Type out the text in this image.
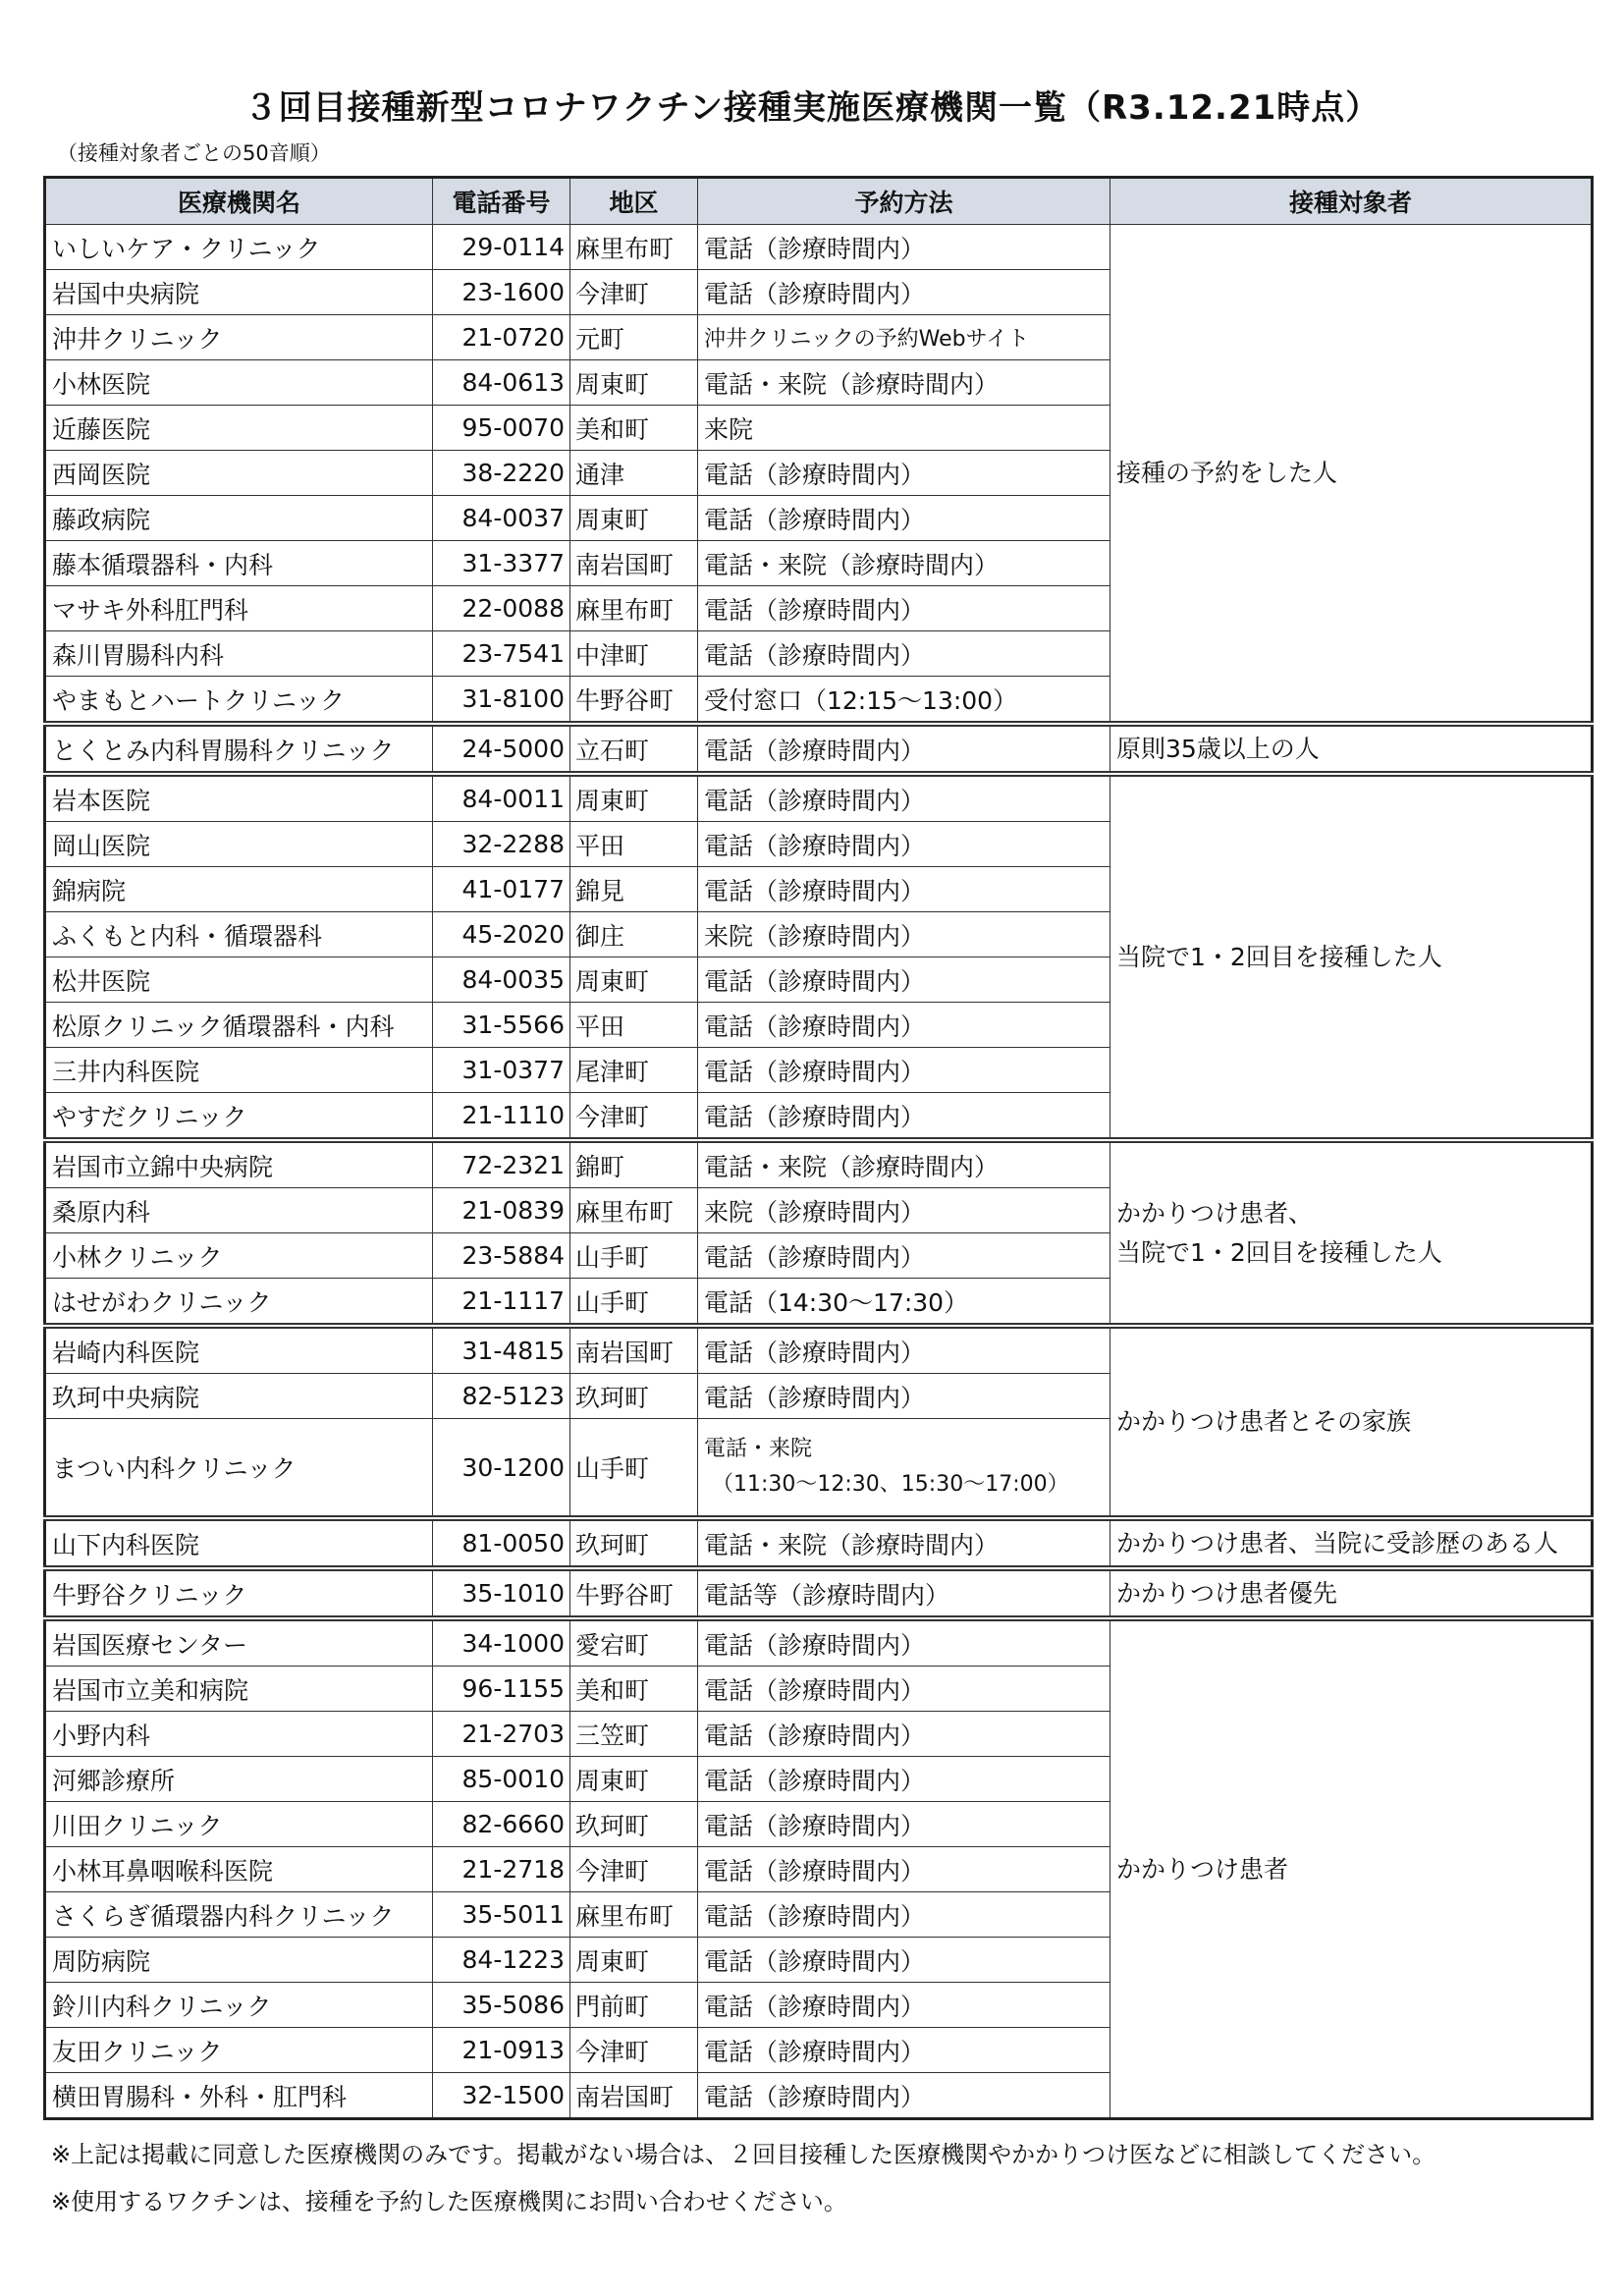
３回目接種新型コロナワクチン接種実施医療機関一覧（R3.12.21時点）
（接種対象者ごとの50音順）
医療機関名	電話番号	地区	予約方法	接種対象者
いしいケア・クリニック	29-0114	麻里布町	電話（診療時間内）	接種の予約をした人

岩国中央病院	23-1600	今津町	電話（診療時間内）	
沖井クリニック	21-0720	元町	沖井クリニックの予約Webサイト	
小林医院	84-0613	周東町	電話・来院（診療時間内）	
近藤医院	95-0070	美和町	来院	
西岡医院	38-2220	通津	電話（診療時間内）	
藤政病院	84-0037	周東町	電話（診療時間内）	
藤本循環器科・内科	31-3377	南岩国町	電話・来院（診療時間内）	
マサキ外科肛門科	22-0088	麻里布町	電話（診療時間内）	
森川胃腸科内科	23-7541	中津町	電話（診療時間内）	
やまもとハートクリニック	31-8100	牛野谷町	受付窓口（12:15～13:00）	
とくとみ内科胃腸科クリニック	24-5000	立石町	電話（診療時間内）	原則35歳以上の人

岩本医院	84-0011	周東町	電話（診療時間内）	当院で1・2回目を接種した人

岡山医院	32-2288	平田	電話（診療時間内）	
錦病院	41-0177	錦見	電話（診療時間内）	
ふくもと内科・循環器科	45-2020	御庄	来院（診療時間内）	
松井医院	84-0035	周東町	電話（診療時間内）	
松原クリニック循環器科・内科	31-5566	平田	電話（診療時間内）	
三井内科医院	31-0377	尾津町	電話（診療時間内）	
やすだクリニック	21-1110	今津町	電話（診療時間内）	
岩国市立錦中央病院	72-2321	錦町	電話・来院（診療時間内）	かかりつけ患者、
当院で1・2回目を接種した人

桑原内科	21-0839	麻里布町	来院（診療時間内）	
小林クリニック	23-5884	山手町	電話（診療時間内）	
はせがわクリニック	21-1117	山手町	電話（14:30～17:30）	
岩崎内科医院	31-4815	南岩国町	電話（診療時間内）	かかりつけ患者とその家族

玖珂中央病院	82-5123	玖珂町	電話（診療時間内）	
まつい内科クリニック	30-1200	山手町	電話・来院
（11:30～12:30、15:30～17:00）	

山下内科医院	81-0050	玖珂町	電話・来院（診療時間内）	かかりつけ患者、当院に受診歴のある人

牛野谷クリニック	35-1010	牛野谷町	電話等（診療時間内）	かかりつけ患者優先

岩国医療センター	34-1000	愛宕町	電話（診療時間内）	かかりつけ患者

岩国市立美和病院	96-1155	美和町	電話（診療時間内）	
小野内科	21-2703	三笠町	電話（診療時間内）	
河郷診療所	85-0010	周東町	電話（診療時間内）	
川田クリニック	82-6660	玖珂町	電話（診療時間内）	
小林耳鼻咽喉科医院	21-2718	今津町	電話（診療時間内）	
さくらぎ循環器内科クリニック	35-5011	麻里布町	電話（診療時間内）	
周防病院	84-1223	周東町	電話（診療時間内）	
鈴川内科クリニック	35-5086	門前町	電話（診療時間内）	
友田クリニック	21-0913	今津町	電話（診療時間内）	
横田胃腸科・外科・肛門科	32-1500	南岩国町	電話（診療時間内）	
※上記は掲載に同意した医療機関のみです。掲載がない場合は、２回目接種した医療機関やかかりつけ医などに相談してください。
※使用するワクチンは、接種を予約した医療機関にお問い合わせください。
